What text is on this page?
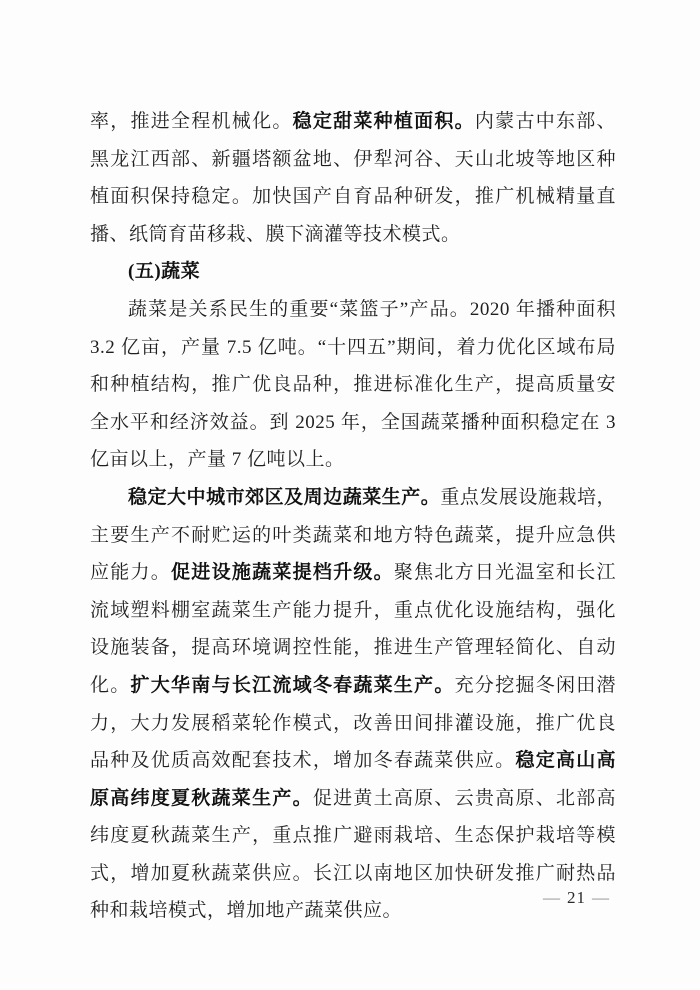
率，推进全程机械化。稳定甜菜种植面积。内蒙古中东部、黑龙江西部、新疆塔额盆地、伊犁河谷、天山北坡等地区种植面积保持稳定。加快国产自育品种研发，推广机械精量直播、纸筒育苗移栽、膜下滴灌等技术模式。

(五)蔬菜

蔬菜是关系民生的重要“菜篮子”产品。2020 年播种面积 3.2 亿亩，产量 7.5 亿吨。“十四五”期间，着力优化区域布局和种植结构，推广优良品种，推进标准化生产，提高质量安全水平和经济效益。到 2025 年，全国蔬菜播种面积稳定在 3 亿亩以上，产量 7 亿吨以上。

稳定大中城市郊区及周边蔬菜生产。重点发展设施栽培，主要生产不耐贮运的叶类蔬菜和地方特色蔬菜，提升应急供应能力。促进设施蔬菜提档升级。聚焦北方日光温室和长江流域塑料棚室蔬菜生产能力提升，重点优化设施结构，强化设施装备，提高环境调控性能，推进生产管理轻简化、自动化。扩大华南与长江流域冬春蔬菜生产。充分挖掘冬闲田潜力，大力发展稻菜轮作模式，改善田间排灌设施，推广优良品种及优质高效配套技术，增加冬春蔬菜供应。稳定高山高原高纬度夏秋蔬菜生产。促进黄土高原、云贵高原、北部高纬度夏秋蔬菜生产，重点推广避雨栽培、生态保护栽培等模式，增加夏秋蔬菜供应。长江以南地区加快研发推广耐热品种和栽培模式，增加地产蔬菜供应。

— 21 —
